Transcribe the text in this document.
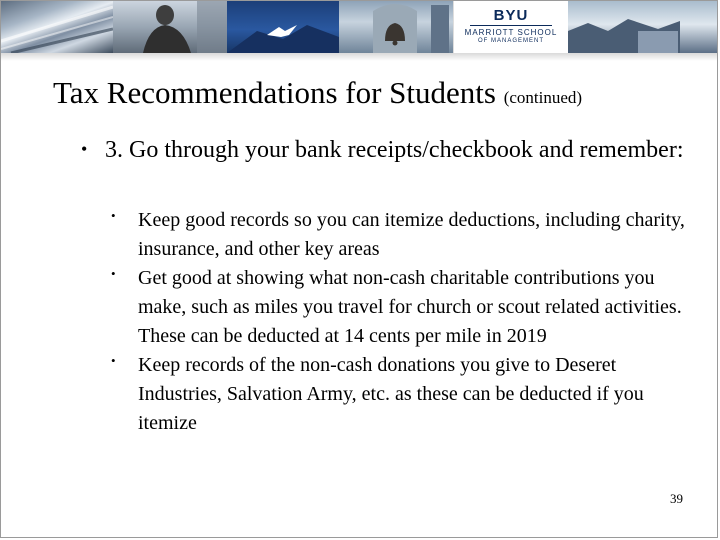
BYU
MARRIOTT SCHOOL
OF MANAGEMENT
Tax Recommendations for Students (continued)
• 3. Go through your bank receipts/checkbook and remember:
• Keep good records so you can itemize deductions, including charity, insurance, and other key areas
• Get good at showing what non-cash charitable contributions you make, such as miles you travel for church or scout related activities. These can be deducted at 14 cents per mile in 2019
• Keep records of the non-cash donations you give to Deseret Industries, Salvation Army, etc. as these can be deducted if you itemize
39
